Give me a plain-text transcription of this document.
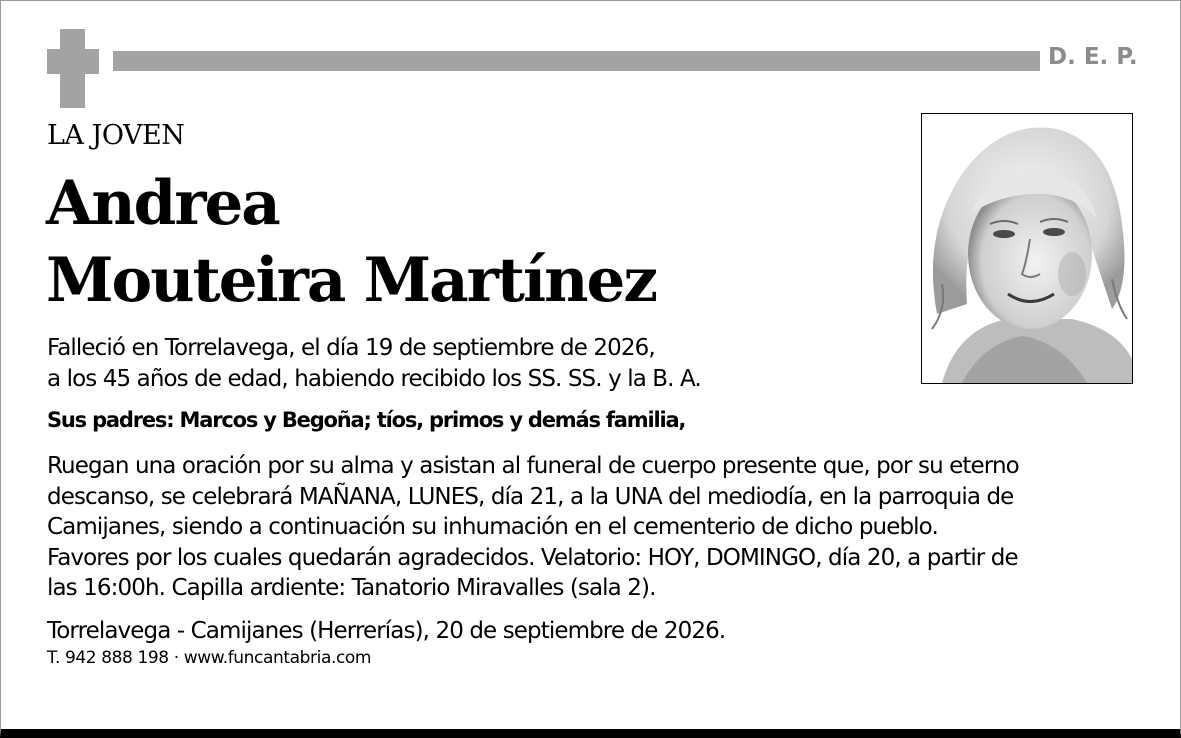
D. E. P.
LA JOVEN
Andrea
Mouteira Martínez
Falleció en Torrelavega, el día 19 de septiembre de 2026,
a los 45 años de edad, habiendo recibido los SS. SS. y la B. A.
Sus padres: Marcos y Begoña; tíos, primos y demás familia,
Ruegan una oración por su alma y asistan al funeral de cuerpo presente que, por su eterno
descanso, se celebrará MAÑANA, LUNES, día 21, a la UNA del mediodía, en la parroquia de
Camijanes, siendo a continuación su inhumación en el cementerio de dicho pueblo.
Favores por los cuales quedarán agradecidos. Velatorio: HOY, DOMINGO, día 20, a partir de
las 16:00h. Capilla ardiente: Tanatorio Miravalles (sala 2).
Torrelavega - Camijanes (Herrerías), 20 de septiembre de 2026.
T. 942 888 198 · www.funcantabria.com
